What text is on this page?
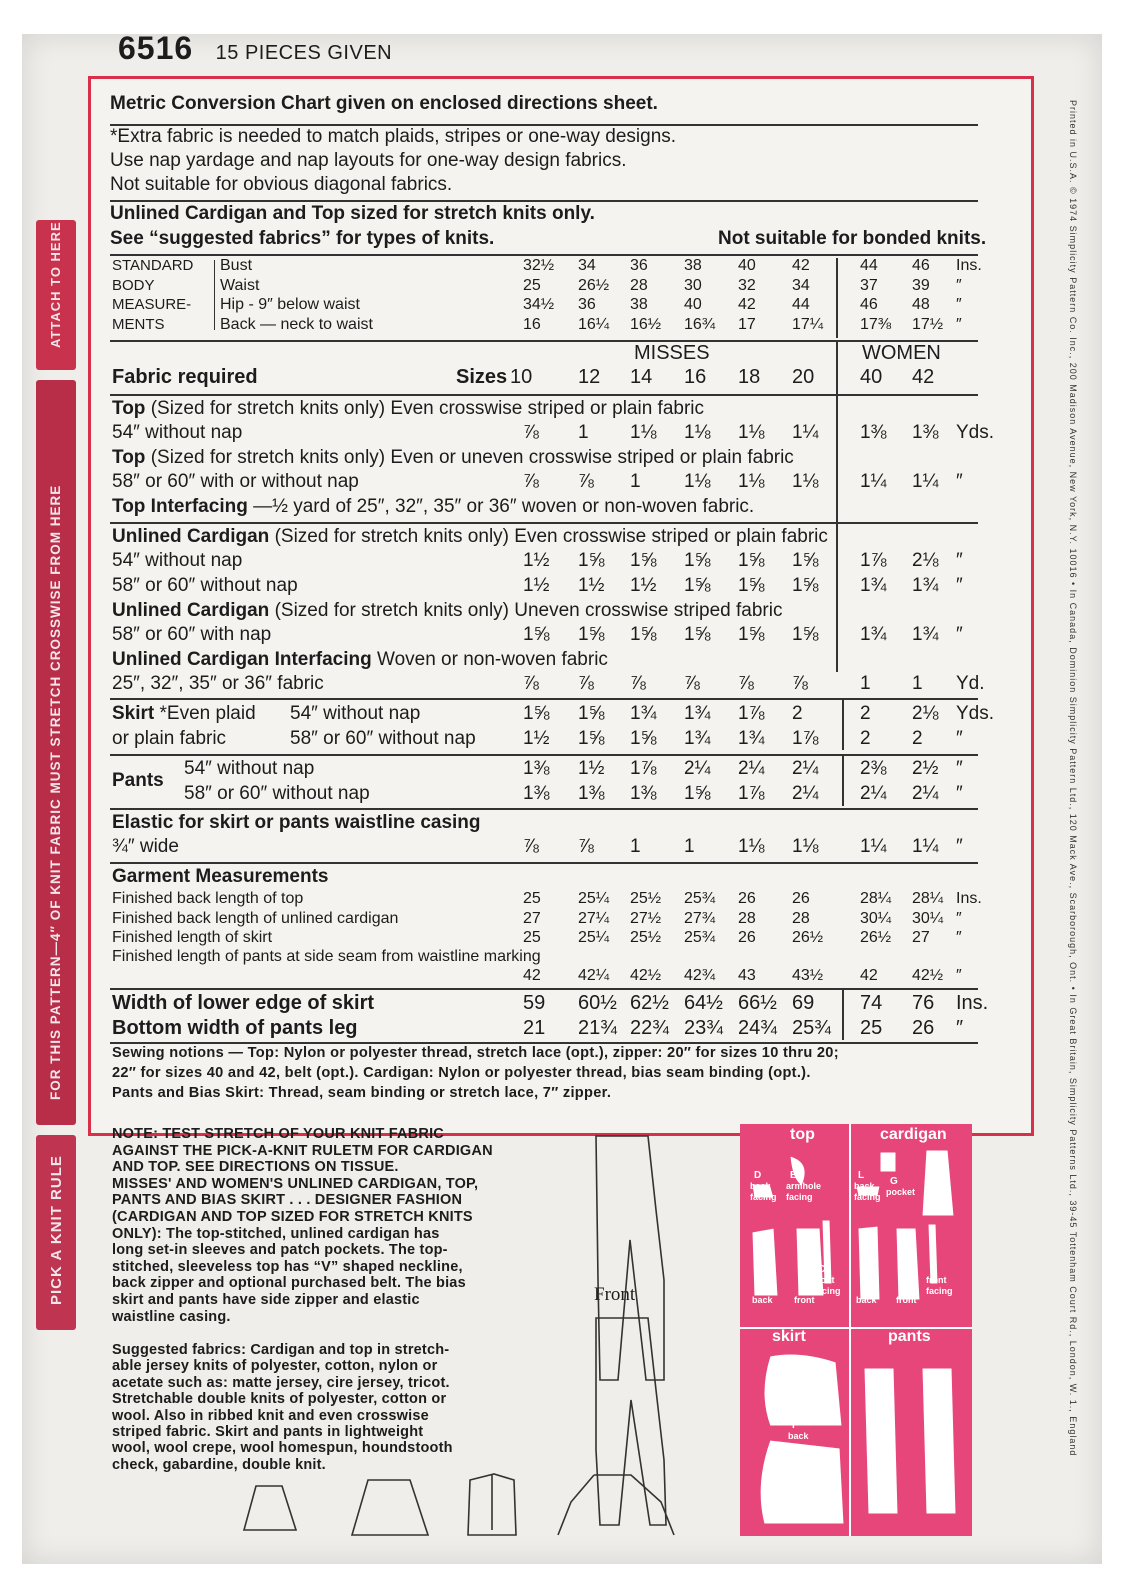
6516 15 PIECES GIVEN
ATTACH TO HERE
FOR THIS PATTERN—4″ OF KNIT FABRIC MUST STRETCH CROSSWISE FROM HERE
PICK A KNIT RULE	Printed in U.S.A. © 1974 Simplicity Pattern Co. Inc., 200 Madison Avenue, New York, N.Y. 10016 • In Canada, Dominion Simplicity Pattern Ltd., 120 Mack Ave., Scarborough, Ont. • In Great Britain, Simplicity Patterns Ltd., 39-45 Tottenham Court Rd., London, W. 1., England
Metric Conversion Chart given on enclosed directions sheet.
*Extra fabric is needed to match plaids, stripes or one-way designs.
Use nap yardage and nap layouts for one-way design fabrics.
Not suitable for obvious diagonal fabrics.
Unlined Cardigan and Top sized for stretch knits only.
See “suggested fabrics” for types of knits.	Not suitable for bonded knits.
STANDARD
BODY
MEASURE-
MENTS
Bust	32½ 34 36 38 40 42	44 46 Ins.
Waist	25 26½ 28 30 32 34	37 39 ″
Hip - 9″ below waist	34½ 36 38 40 42 44	46 48 ″
Back — neck to waist	16 16¼ 16½ 16¾ 17 17¼ 17⅜ 17½ ″
MISSES	WOMEN
Fabric required	Sizes 10 12 14 16 18 20 40 42
Top (Sized for stretch knits only) Even crosswise striped or plain fabric
54″ without nap	⅞ 1 1⅛ 1⅛ 1⅛ 1¼ 1⅜ 1⅜ Yds.
Top (Sized for stretch knits only) Even or uneven crosswise striped or plain fabric
58″ or 60″ with or without nap	⅞ ⅞ 1 1⅛ 1⅛ 1⅛ 1¼ 1¼ ″
Top Interfacing —½ yard of 25″, 32″, 35″ or 36″ woven or non-woven fabric.
Unlined Cardigan (Sized for stretch knits only) Even crosswise striped or plain fabric
54″ without nap	1½ 1⅝ 1⅝ 1⅝ 1⅝ 1⅝ 1⅞ 2⅛ ″
58″ or 60″ without nap	1½ 1½ 1½ 1⅝ 1⅝ 1⅝ 1¾ 1¾ ″
Unlined Cardigan (Sized for stretch knits only) Uneven crosswise striped fabric
58″ or 60″ with nap	1⅝ 1⅝ 1⅝ 1⅝ 1⅝ 1⅝ 1¾ 1¾ ″
Unlined Cardigan Interfacing Woven or non-woven fabric
25″, 32″, 35″ or 36″ fabric	⅞ ⅞ ⅞ ⅞ ⅞ ⅞	1 1 Yd.
Skirt *Even plaid
or plain fabric
54″ without nap	1⅝ 1⅝ 1¾ 1¾ 1⅞ 2	2 2⅛ Yds.
58″ or 60″ without nap 1½ 1⅝ 1⅝ 1¾ 1¾ 1⅞ 2 2 ″
Pants
54″ without nap	1⅜ 1½ 1⅞ 2¼ 2¼ 2¼ 2⅜ 2½ ″
58″ or 60″ without nap	1⅜ 1⅜ 1⅜ 1⅝ 1⅞ 2¼ 2¼ 2¼ ″
Elastic for skirt or pants waistline casing
¾″ wide	⅞ ⅞ 1 1 1⅛ 1⅛ 1¼ 1¼ ″
Garment Measurements
Finished back length of top	25 25¼ 25½ 25¾ 26 26	28¼ 28¼ Ins.
Finished back length of unlined cardigan	27 27¼ 27½ 27¾ 28 28	30¼ 30¼ ″
Finished length of skirt	25 25¼ 25½ 25¾ 26 26½ 26½ 27 ″
Finished length of pants at side seam from waistline marking
42 42¼ 42½ 42¾ 43 43½ 42 42½ ″
Width of lower edge of skirt	59 60½ 62½ 64½ 66½ 69 74 76 Ins.
Bottom width of pants leg	21 21¾ 22¾ 23¾ 24¾ 25¾ 25 26 ″
Sewing notions — Top: Nylon or polyester thread, stretch lace (opt.), zipper: 20″ for sizes 10 thru 20;
22″ for sizes 40 and 42, belt (opt.). Cardigan: Nylon or polyester thread, bias seam binding (opt.).
Pants and Bias Skirt: Thread, seam binding or stretch lace, 7″ zipper.
NOTE: TEST STRETCH OF YOUR KNIT FABRIC
AGAINST THE PICK-A-KNIT RULETM FOR CARDIGAN
AND TOP. SEE DIRECTIONS ON TISSUE.
MISSES' AND WOMEN'S UNLINED CARDIGAN, TOP,
PANTS AND BIAS SKIRT . . . DESIGNER FASHION
(CARDIGAN AND TOP SIZED FOR STRETCH KNITS
ONLY): The top-stitched, unlined cardigan has
long set-in sleeves and patch pockets. The top-
stitched, sleeveless top has “V” shaped neckline,
back zipper and optional purchased belt. The bias
skirt and pants have side zipper and elastic
waistline casing.
Suggested fabrics: Cardigan and top in stretch-
able jersey knits of polyester, cotton, nylon or
acetate such as: matte jersey, cire jersey, tricot.
Stretchable double knits of polyester, cotton or
wool. Also in ribbed knit and even crosswise
striped fabric. Skirt and pants in lightweight
wool, wool crepe, wool homespun, houndstooth
check, gabardine, double knit.
Front
top	cardigan
skirt	pants
D
back
facing
E
armhole
facing
L
back
facing
G
pocket
M
sleeve
B
back
A
front
C
front
facing H
back
F
front
K
front
facing
P
back
N
front
S
back
R
front
